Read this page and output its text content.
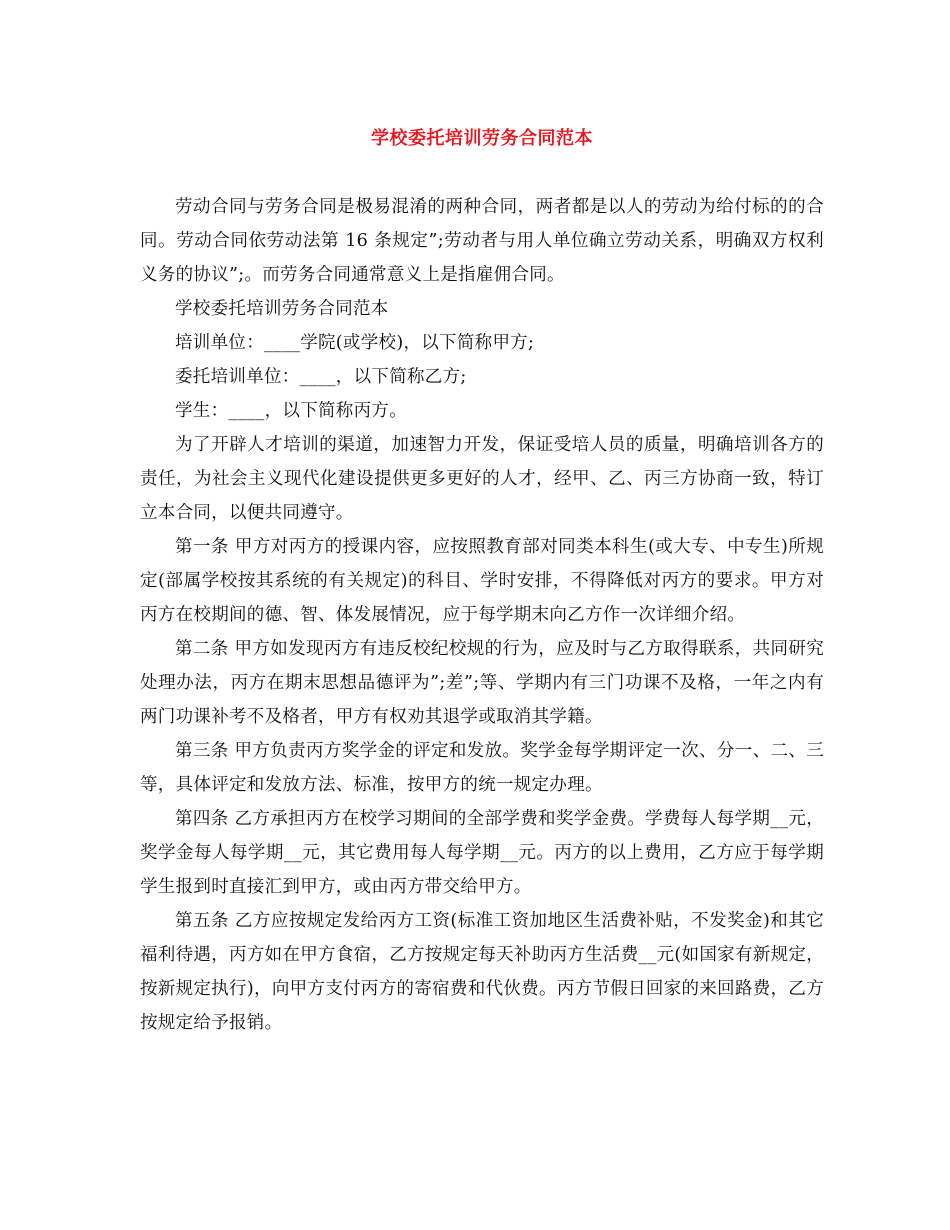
学校委托培训劳务合同范本

劳动合同与劳务合同是极易混淆的两种合同，两者都是以人的劳动为给付标的的合同。劳动合同依劳动法第 16 条规定”;劳动者与用人单位确立劳动关系，明确双方权利义务的协议”;。而劳务合同通常意义上是指雇佣合同。

学校委托培训劳务合同范本

培训单位：____学院(或学校)，以下简称甲方;

委托培训单位：____，以下简称乙方;

学生：____，以下简称丙方。

为了开辟人才培训的渠道，加速智力开发，保证受培人员的质量，明确培训各方的责任，为社会主义现代化建设提供更多更好的人才，经甲、乙、丙三方协商一致，特订立本合同，以便共同遵守。

第一条 甲方对丙方的授课内容，应按照教育部对同类本科生(或大专、中专生)所规定(部属学校按其系统的有关规定)的科目、学时安排，不得降低对丙方的要求。甲方对丙方在校期间的德、智、体发展情况，应于每学期末向乙方作一次详细介绍。

第二条 甲方如发现丙方有违反校纪校规的行为，应及时与乙方取得联系，共同研究处理办法，丙方在期末思想品德评为”;差”;等、学期内有三门功课不及格，一年之内有两门功课补考不及格者，甲方有权劝其退学或取消其学籍。

第三条 甲方负责丙方奖学金的评定和发放。奖学金每学期评定一次、分一、二、三等，具体评定和发放方法、标准，按甲方的统一规定办理。

第四条 乙方承担丙方在校学习期间的全部学费和奖学金费。学费每人每学期__元，奖学金每人每学期__元，其它费用每人每学期__元。丙方的以上费用，乙方应于每学期学生报到时直接汇到甲方，或由丙方带交给甲方。

第五条 乙方应按规定发给丙方工资(标准工资加地区生活费补贴，不发奖金)和其它福利待遇，丙方如在甲方食宿，乙方按规定每天补助丙方生活费__元(如国家有新规定，按新规定执行)，向甲方支付丙方的寄宿费和代伙费。丙方节假日回家的来回路费，乙方按规定给予报销。
